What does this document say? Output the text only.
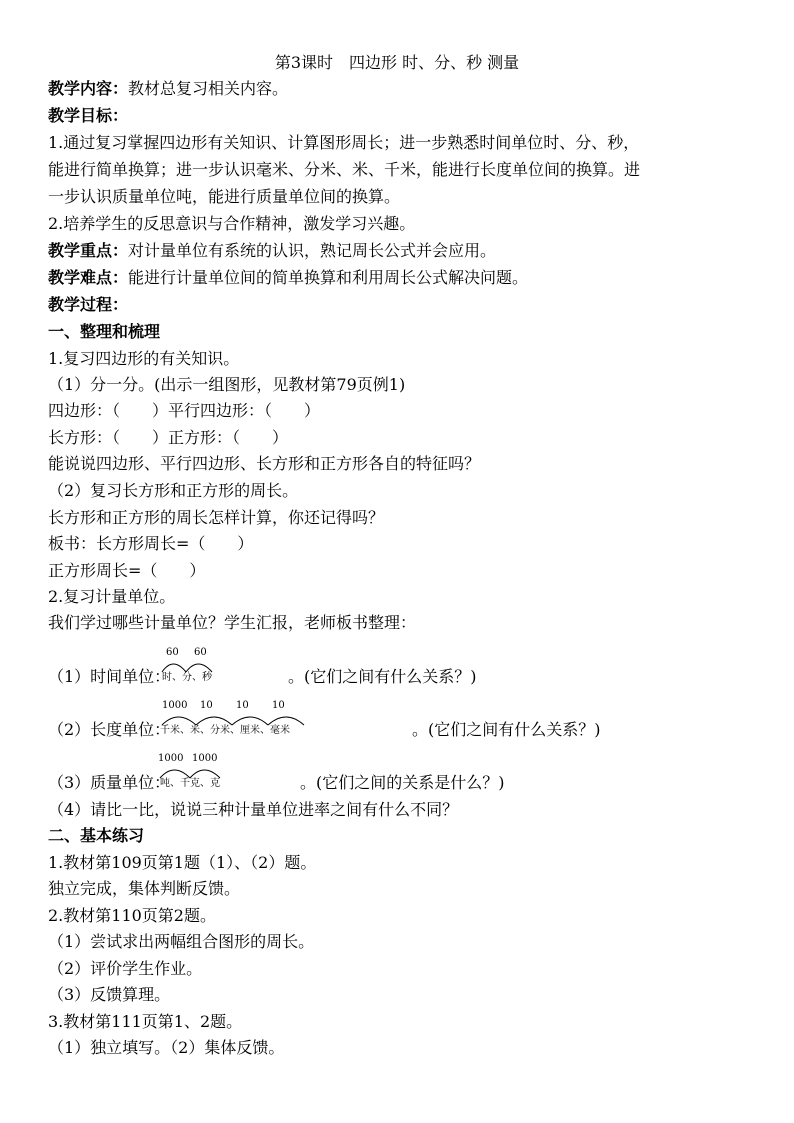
第3课时　四边形 时、分、秒 测量
教学内容：教材总复习相关内容。
教学目标：
1.通过复习掌握四边形有关知识、计算图形周长；进一步熟悉时间单位时、分、秒，
能进行简单换算；进一步认识毫米、分米、米、千米，能进行长度单位间的换算。进
一步认识质量单位吨，能进行质量单位间的换算。
2.培养学生的反思意识与合作精神，激发学习兴趣。
教学重点：对计量单位有系统的认识，熟记周长公式并会应用。
教学难点：能进行计量单位间的简单换算和利用周长公式解决问题。
教学过程：
一、整理和梳理
1.复习四边形的有关知识。
（1）分一分。(出示一组图形，见教材第79页例1)
四边形：（　　）平行四边形：（　　）
长方形：（　　）正方形：（　　）
能说说四边形、平行四边形、长方形和正方形各自的特征吗？
（2）复习长方形和正方形的周长。
长方形和正方形的周长怎样计算，你还记得吗？
板书：长方形周长=（　　）
正方形周长=（　　）
2.复习计量单位。
我们学过哪些计量单位？学生汇报，老师板书整理：
（1）时间单位：
60 60
时、分、秒	。(它们之间有什么关系？)
（2）长度单位：
1000 10 10 10
千米、米、分米、厘米、毫米	。(它们之间有什么关系？)
（3）质量单位：
1000 1000
吨、千克、克	。(它们之间的关系是什么？)
（4）请比一比，说说三种计量单位进率之间有什么不同？
二、基本练习
1.教材第109页第1题（1）、（2）题。
独立完成，集体判断反馈。
2.教材第110页第2题。
（1）尝试求出两幅组合图形的周长。
（2）评价学生作业。
（3）反馈算理。
3.教材第111页第1、2题。
（1）独立填写。（2）集体反馈。
